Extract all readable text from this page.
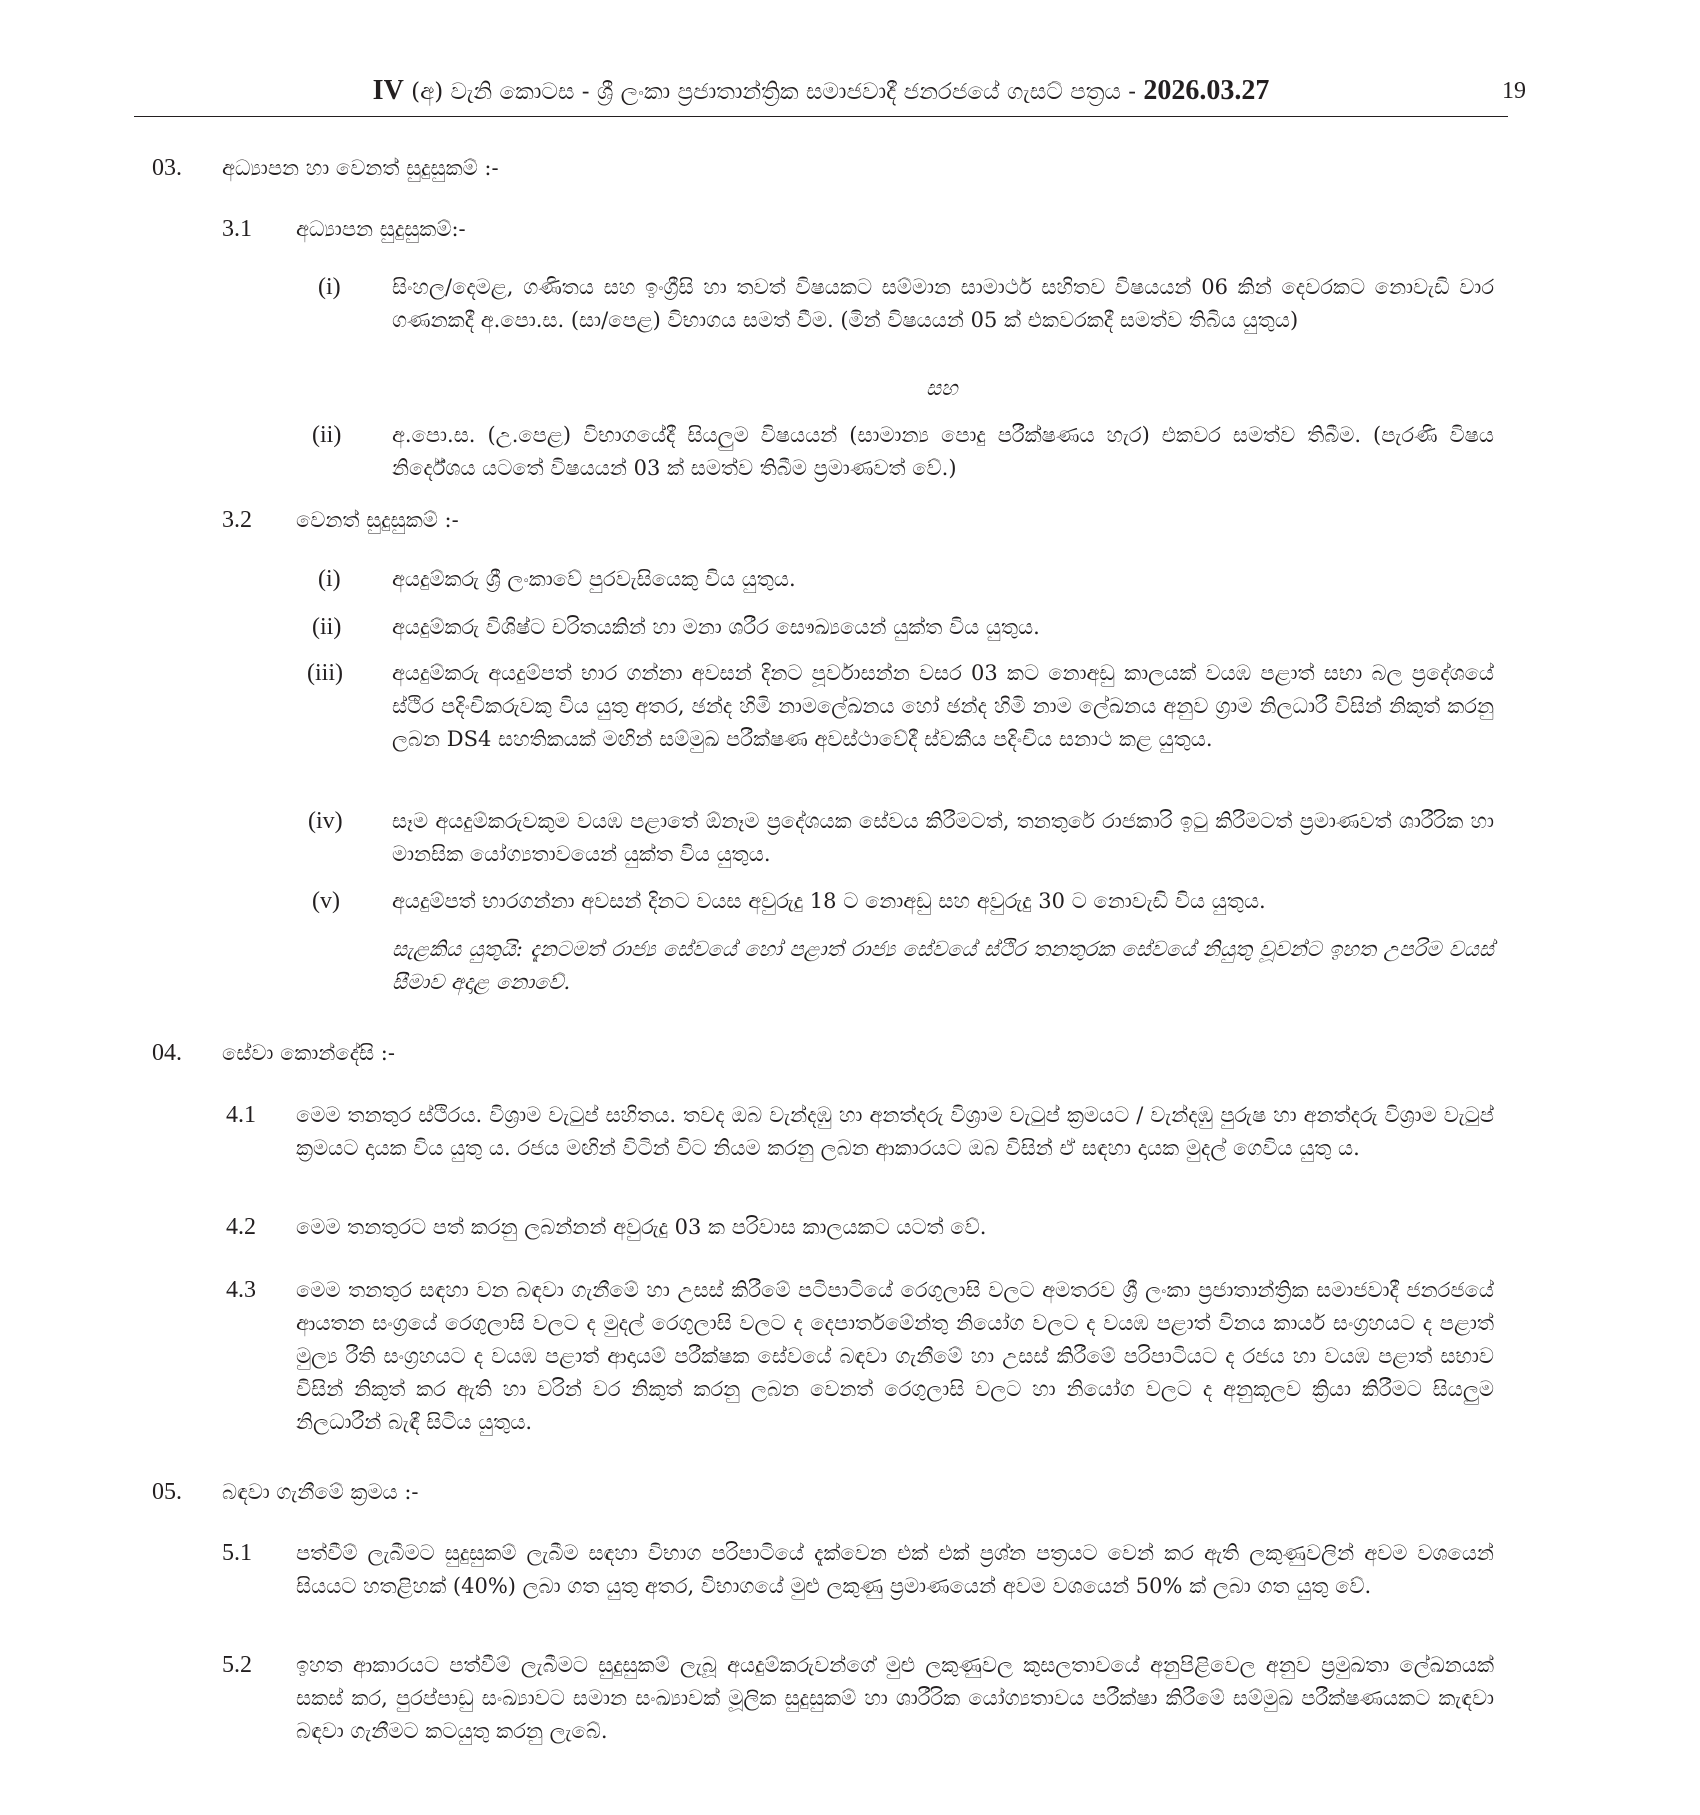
IV (අ) වැනි කොටස - ශ්‍රී ලංකා ප්‍රජාතාන්ත්‍රික සමාජවාදී ජනරජයේ ගැසට් පත්‍රය - 2026.03.27	19
03. අධ්‍යාපන හා වෙනත් සුදුසුකම් :-
3.1 අධ්‍යාපන සුදුසුකම්:-
(i) සිංහල/දෙමළ, ගණිතය සහ ඉංග්‍රීසි හා තවත් විෂයකට සම්මාන සාමාර්ථ සහිතව විෂයයන් 06 කින් දෙවරකට නොවැඩි වාර ගණනකදී අ.පො.ස. (සා/පෙළ) විභාගය සමත් වීම. (මින් විෂයයන් 05 ක් එකවරකදී සමත්ව තිබිය යුතුය)
සහ
(ii) අ.පො.ස. (උ.පෙළ) විභාගයේදී සියලුම විෂයයන් (සාමාන්‍ය පොදු පරීක්ෂණය හැර) එකවර සමත්ව තිබීම. (පැරණි විෂය නිර්දේශය යටතේ විෂයයන් 03 ක් සමත්ව තිබීම ප්‍රමාණවත් වේ.)
3.2 වෙනත් සුදුසුකම් :-
(i) අයදුම්කරු ශ්‍රී ලංකාවේ පුරවැසියෙකු විය යුතුය.
(ii) අයදුම්කරු විශිෂ්ට චරිතයකින් හා මනා ශරීර සෞඛ්‍යයෙන් යුක්ත විය යුතුය.
(iii) අයදුම්කරු අයදුම්පත් භාර ගන්නා අවසන් දිනට පූර්වාසන්න වසර 03 කට නොඅඩු කාලයක් වයඹ පළාත් සභා බල ප්‍රදේශයේ ස්ථිර පදිංචිකරුවකු විය යුතු අතර, ඡන්ද හිමි නාමලේඛනය හෝ ඡන්ද හිමි නාම ලේඛනය අනුව ග්‍රාම නිලධාරී විසින් නිකුත් කරනු ලබන DS4 සහතිකයක් මඟින් සම්මුඛ පරීක්ෂණ අවස්ථාවේදී ස්වකීය පදිංචිය සනාථ කළ යුතුය.
(iv) සෑම අයදුම්කරුවකුම වයඹ පළාතේ ඕනෑම ප්‍රදේශයක සේවය කිරීමටත්, තනතුරේ රාජකාරි ඉටු කිරීමටත් ප්‍රමාණවත් ශාරීරික හා මානසික යෝග්‍යතාවයෙන් යුක්ත විය යුතුය.
(v) අයදුම්පත් භාරගන්නා අවසන් දිනට වයස අවුරුදු 18 ට නොඅඩු සහ අවුරුදු 30 ට නොවැඩි විය යුතුය.
සැළකිය යුතුයි: දැනටමත් රාජ්‍ය සේවයේ හෝ පළාත් රාජ්‍ය සේවයේ ස්ථිර තනතුරක සේවයේ නියුතු වූවන්ට ඉහත උපරිම වයස් සීමාව අදාළ නොවේ.
04. සේවා කොන්දේසි :-
4.1 මෙම තනතුර ස්ථිරය. විශ්‍රාම වැටුප් සහිතය. තවද ඔබ වැන්දඹු හා අනත්දරු විශ්‍රාම වැටුප් ක්‍රමයට / වැන්දඹු පුරුෂ හා අනත්දරු විශ්‍රාම වැටුප් ක්‍රමයට දායක විය යුතු ය. රජය මඟින් විටින් විට නියම කරනු ලබන ආකාරයට ඔබ විසින් ඒ සඳහා දායක මුදල් ගෙවිය යුතු ය.
4.2 මෙම තනතුරට පත් කරනු ලබන්නන් අවුරුදු 03 ක පරිවාස කාලයකට යටත් වේ.
4.3 මෙම තනතුර සඳහා වන බඳවා ගැනීමේ හා උසස් කිරීමේ පටිපාටියේ රෙගුලාසි වලට අමතරව ශ්‍රී ලංකා ප්‍රජාතාන්ත්‍රික සමාජවාදී ජනරජයේ ආයතන සංග්‍රයේ රෙගුලාසි වලට ද මුදල් රෙගුලාසි වලට ද දෙපාර්තමේන්තු නියෝග වලට ද වයඹ පළාත් විනය කාර්ය සංග්‍රහයට ද පළාත් මුල්‍ය රීති සංග්‍රහයට ද වයඹ පළාත් ආදායම් පරීක්ෂක සේවයේ බඳවා ගැනීමේ හා උසස් කිරීමේ පරිපාටියට ද රජය හා වයඹ පළාත් සභාව විසින් නිකුත් කර ඇති හා වරින් වර නිකුත් කරනු ලබන වෙනත් රෙගුලාසි වලට හා නියෝග වලට ද අනුකූලව ක්‍රියා කිරීමට සියලුම නිලධාරීන් බැඳී සිටිය යුතුය.
05. බඳවා ගැනීමේ ක්‍රමය :-
5.1 පත්වීම් ලැබීමට සුදුසුකම් ලැබීම සඳහා විභාග පරිපාටියේ දැක්වෙන එක් එක් ප්‍රශ්න පත්‍රයට වෙන් කර ඇති ලකුණුවලින් අවම වශයෙන් සියයට හතළිහක් (40%) ලබා ගත යුතු අතර, විභාගයේ මුළු ලකුණු ප්‍රමාණයෙන් අවම වශයෙන් 50% ක් ලබා ගත යුතු වේ.
5.2 ඉහත ආකාරයට පත්වීම් ලැබීමට සුදුසුකම් ලැබූ අයදුම්කරුවන්ගේ මුළු ලකුණුවල කුසලතාවයේ අනුපිළිවෙල අනුව ප්‍රමුඛතා ලේඛනයක් සකස් කර, පුරප්පාඩු සංඛ්‍යාවට සමාන සංඛ්‍යාවක් මූලික සුදුසුකම් හා ශාරීරික යෝග්‍යතාවය පරීක්ෂා කිරීමේ සම්මුඛ පරීක්ෂණයකට කැඳවා බඳවා ගැනීමට කටයුතු කරනු ලැබේ.
